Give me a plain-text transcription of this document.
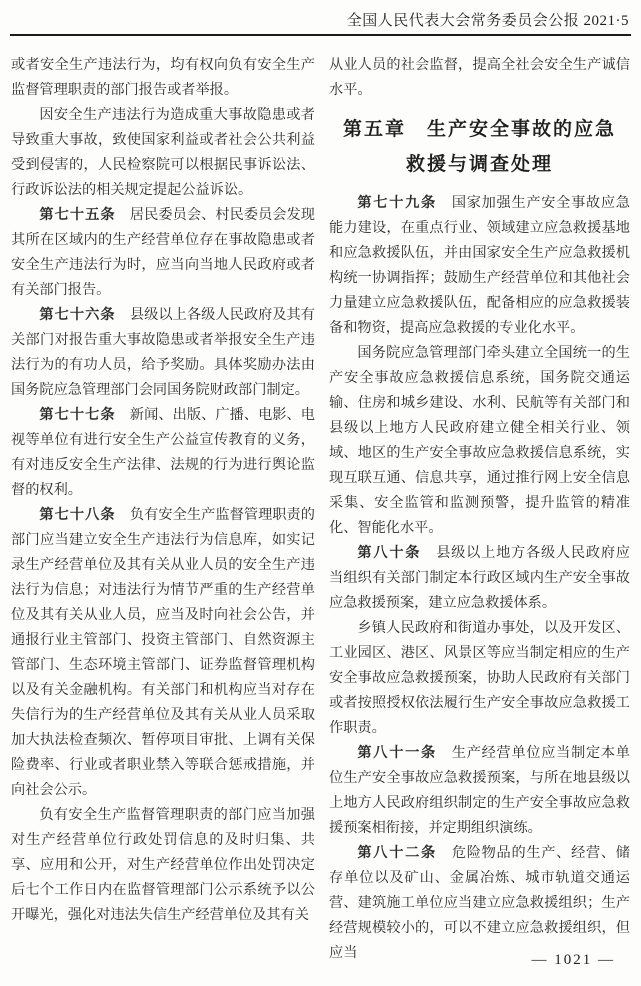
全国人民代表大会常务委员会公报 2021·5

或者安全生产违法行为，均有权向负有安全生产监督管理职责的部门报告或者举报。

因安全生产违法行为造成重大事故隐患或者导致重大事故，致使国家利益或者社会公共利益受到侵害的，人民检察院可以根据民事诉讼法、行政诉讼法的相关规定提起公益诉讼。

第七十五条　居民委员会、村民委员会发现其所在区域内的生产经营单位存在事故隐患或者安全生产违法行为时，应当向当地人民政府或者有关部门报告。

第七十六条　县级以上各级人民政府及其有关部门对报告重大事故隐患或者举报安全生产违法行为的有功人员，给予奖励。具体奖励办法由国务院应急管理部门会同国务院财政部门制定。

第七十七条　新闻、出版、广播、电影、电视等单位有进行安全生产公益宣传教育的义务，有对违反安全生产法律、法规的行为进行舆论监督的权利。

第七十八条　负有安全生产监督管理职责的部门应当建立安全生产违法行为信息库，如实记录生产经营单位及其有关从业人员的安全生产违法行为信息；对违法行为情节严重的生产经营单位及其有关从业人员，应当及时向社会公告，并通报行业主管部门、投资主管部门、自然资源主管部门、生态环境主管部门、证券监督管理机构以及有关金融机构。有关部门和机构应当对存在失信行为的生产经营单位及其有关从业人员采取加大执法检查频次、暂停项目审批、上调有关保险费率、行业或者职业禁入等联合惩戒措施，并向社会公示。

负有安全生产监督管理职责的部门应当加强对生产经营单位行政处罚信息的及时归集、共享、应用和公开，对生产经营单位作出处罚决定后七个工作日内在监督管理部门公示系统予以公开曝光，强化对违法失信生产经营单位及其有关

从业人员的社会监督，提高全社会安全生产诚信水平。

第五章　生产安全事故的应急
救援与调查处理

第七十九条　国家加强生产安全事故应急能力建设，在重点行业、领域建立应急救援基地和应急救援队伍，并由国家安全生产应急救援机构统一协调指挥；鼓励生产经营单位和其他社会力量建立应急救援队伍，配备相应的应急救援装备和物资，提高应急救援的专业化水平。

国务院应急管理部门牵头建立全国统一的生产安全事故应急救援信息系统，国务院交通运输、住房和城乡建设、水利、民航等有关部门和县级以上地方人民政府建立健全相关行业、领域、地区的生产安全事故应急救援信息系统，实现互联互通、信息共享，通过推行网上安全信息采集、安全监管和监测预警，提升监管的精准化、智能化水平。

第八十条　县级以上地方各级人民政府应当组织有关部门制定本行政区域内生产安全事故应急救援预案，建立应急救援体系。

乡镇人民政府和街道办事处，以及开发区、工业园区、港区、风景区等应当制定相应的生产安全事故应急救援预案，协助人民政府有关部门或者按照授权依法履行生产安全事故应急救援工作职责。

第八十一条　生产经营单位应当制定本单位生产安全事故应急救援预案，与所在地县级以上地方人民政府组织制定的生产安全事故应急救援预案相衔接，并定期组织演练。

第八十二条　危险物品的生产、经营、储存单位以及矿山、金属冶炼、城市轨道交通运营、建筑施工单位应当建立应急救援组织；生产经营规模较小的，可以不建立应急救援组织，但应当	— 1021 —
